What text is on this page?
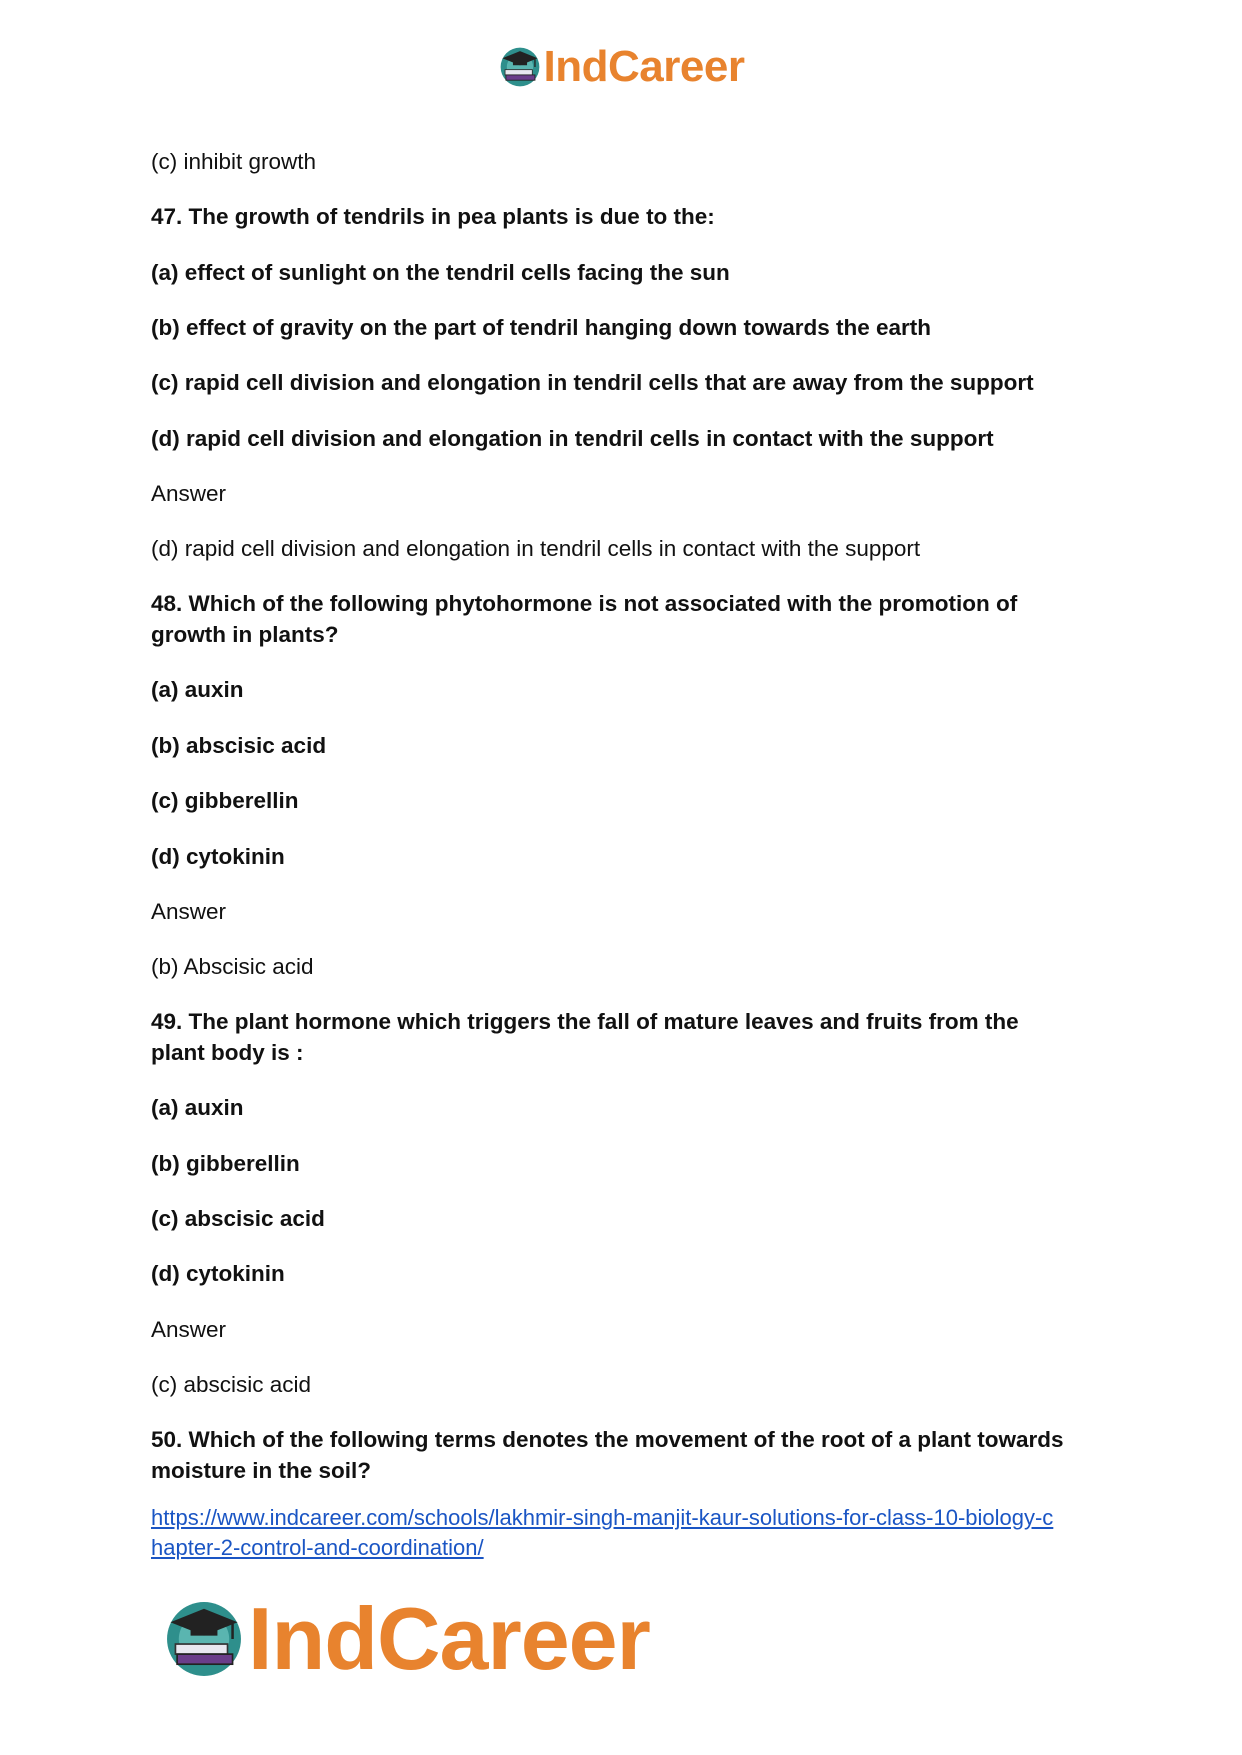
IndCareer

(c) inhibit growth

47. The growth of tendrils in pea plants is due to the:

(a) effect of sunlight on the tendril cells facing the sun

(b) effect of gravity on the part of tendril hanging down towards the earth

(c) rapid cell division and elongation in tendril cells that are away from the support

(d) rapid cell division and elongation in tendril cells in contact with the support

Answer

(d) rapid cell division and elongation in tendril cells in contact with the support

48. Which of the following phytohormone is not associated with the promotion of

growth in plants?

(a) auxin

(b) abscisic acid

(c) gibberellin

(d) cytokinin

Answer

(b) Abscisic acid

49. The plant hormone which triggers the fall of mature leaves and fruits from the

plant body is :

(a) auxin

(b) gibberellin

(c) abscisic acid

(d) cytokinin

Answer

(c) abscisic acid

50. Which of the following terms denotes the movement of the root of a plant towards

moisture in the soil?

https://www.indcareer.com/schools/lakhmir-singh-manjit-kaur-solutions-for-class-10-biology-c
hapter-2-control-and-coordination/
IndCareer
